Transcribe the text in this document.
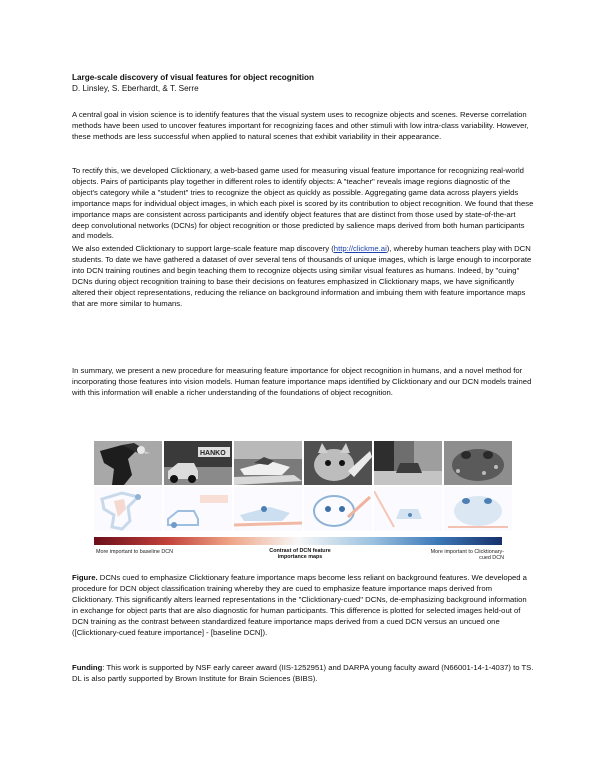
Large-scale discovery of visual features for object recognition
D. Linsley, S. Eberhardt, & T. Serre

A central goal in vision science is to identify features that the visual system uses to recognize objects and scenes. Reverse correlation methods have been used to uncover features important for recognizing faces and other stimuli with low intra-class variability. However, these methods are less successful when applied to natural scenes that exhibit variability in their appearance.

To rectify this, we developed Clicktionary, a web-based game used for measuring visual feature importance for recognizing real-world objects. Pairs of participants play together in different roles to identify objects: A "teacher" reveals image regions diagnostic of the object's category while a "student" tries to recognize the object as quickly as possible. Aggregating game data across players yields importance maps for individual object images, in which each pixel is scored by its contribution to object recognition. We found that these importance maps are consistent across participants and identify object features that are distinct from those used by state-of-the-art deep convolutional networks (DCNs) for object recognition or those predicted by salience maps derived from both human participants and models.

We also extended Clicktionary to support large-scale feature map discovery (http://clickme.ai), whereby human teachers play with DCN students. To date we have gathered a dataset of over several tens of thousands of unique images, which is large enough to incorporate into DCN training routines and begin teaching them to recognize objects using similar visual features as humans. Indeed, by "cuing" DCNs during object recognition training to base their decisions on features emphasized in Clicktionary maps, we have significantly altered their object representations, reducing the reliance on background information and imbuing them with feature importance maps that are more similar to humans.

In summary, we present a new procedure for measuring feature importance for object recognition in humans, and a novel method for incorporating those features into vision models. Human feature importance maps identified by Clicktionary and our DCN models trained with this information will enable a richer understanding of the foundations of object recognition.

HANKO
More important to baseline DCN	Contrast of DCN feature importance maps
More important to Clicktionary-cued DCN

Figure. DCNs cued to emphasize Clicktionary feature importance maps become less reliant on background features. We developed a procedure for DCN object classification training whereby they are cued to emphasize feature importance maps derived from Clicktionary. This significantly alters learned representations in the "Clicktionary-cued" DCNs, de-emphasizing background information in exchange for object parts that are also diagnostic for human participants. This difference is plotted for selected images held-out of DCN training as the contrast between standardized feature importance maps derived from a cued DCN versus an uncued one ([Clicktionary-cued feature importance] - [baseline DCN]).

Funding: This work is supported by NSF early career award (IIS-1252951) and DARPA young faculty award (N66001-14-1-4037) to TS. DL is also partly supported by Brown Institute for Brain Sciences (BIBS).
